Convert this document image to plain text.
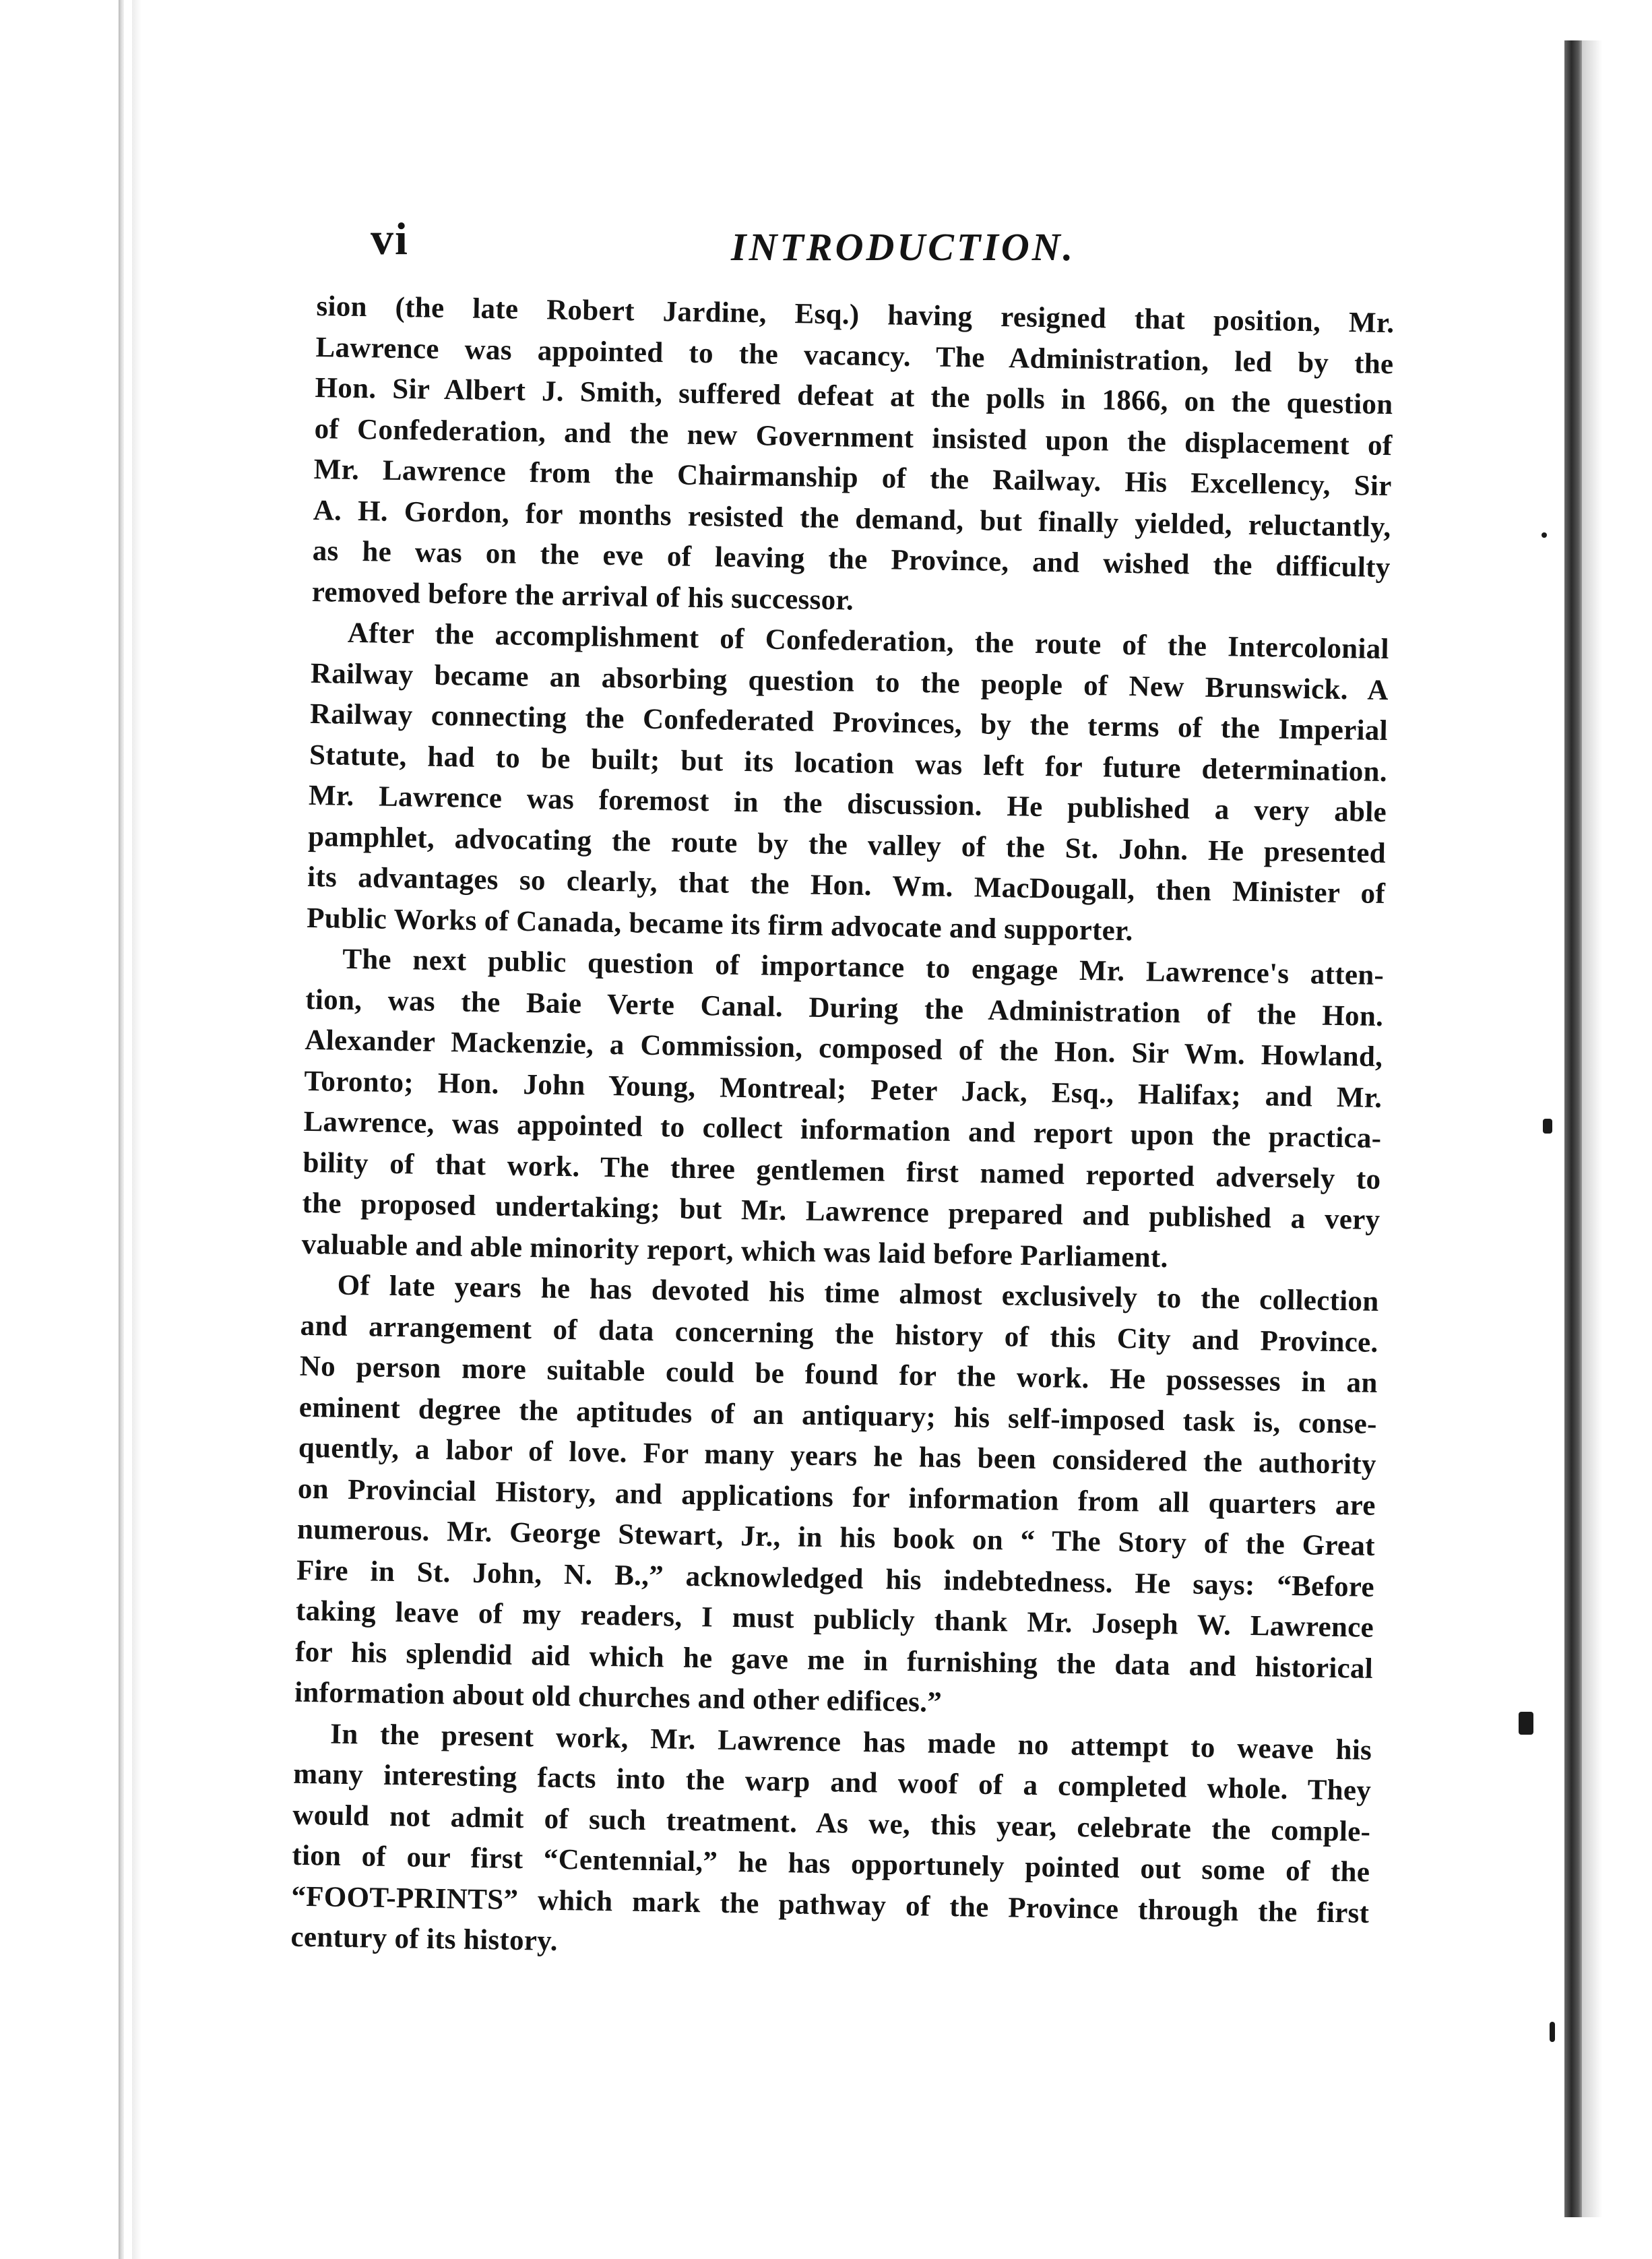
vi	INTRODUCTION.

sion (the late Robert Jardine, Esq.) having resigned that position, Mr.
Lawrence was appointed to the vacancy. The Administration, led by the
Hon. Sir Albert J. Smith, suffered defeat at the polls in 1866, on the question
of Confederation, and the new Government insisted upon the displacement of
Mr. Lawrence from the Chairmanship of the Railway. His Excellency, Sir
A. H. Gordon, for months resisted the demand, but finally yielded, reluctantly,
as he was on the eve of leaving the Province, and wished the difficulty
removed before the arrival of his successor.

After the accomplishment of Confederation, the route of the Intercolonial
Railway became an absorbing question to the people of New Brunswick. A
Railway connecting the Confederated Provinces, by the terms of the Imperial
Statute, had to be built; but its location was left for future determination.
Mr. Lawrence was foremost in the discussion. He published a very able
pamphlet, advocating the route by the valley of the St. John. He presented
its advantages so clearly, that the Hon. Wm. MacDougall, then Minister of
Public Works of Canada, became its firm advocate and supporter.

The next public question of importance to engage Mr. Lawrence's atten-
tion, was the Baie Verte Canal. During the Administration of the Hon.
Alexander Mackenzie, a Commission, composed of the Hon. Sir Wm. Howland,
Toronto; Hon. John Young, Montreal; Peter Jack, Esq., Halifax; and Mr.
Lawrence, was appointed to collect information and report upon the practica-
bility of that work. The three gentlemen first named reported adversely to
the proposed undertaking; but Mr. Lawrence prepared and published a very
valuable and able minority report, which was laid before Parliament.

Of late years he has devoted his time almost exclusively to the collection
and arrangement of data concerning the history of this City and Province.
No person more suitable could be found for the work. He possesses in an
eminent degree the aptitudes of an antiquary; his self-imposed task is, conse-
quently, a labor of love. For many years he has been considered the authority
on Provincial History, and applications for information from all quarters are
numerous. Mr. George Stewart, Jr., in his book on “ The Story of the Great
Fire in St. John, N. B.,” acknowledged his indebtedness. He says: “Before
taking leave of my readers, I must publicly thank Mr. Joseph W. Lawrence
for his splendid aid which he gave me in furnishing the data and historical
information about old churches and other edifices.”

In the present work, Mr. Lawrence has made no attempt to weave his
many interesting facts into the warp and woof of a completed whole. They
would not admit of such treatment. As we, this year, celebrate the comple-
tion of our first “Centennial,” he has opportunely pointed out some of the
“FOOT-PRINTS” which mark the pathway of the Province through the first
century of its history.
